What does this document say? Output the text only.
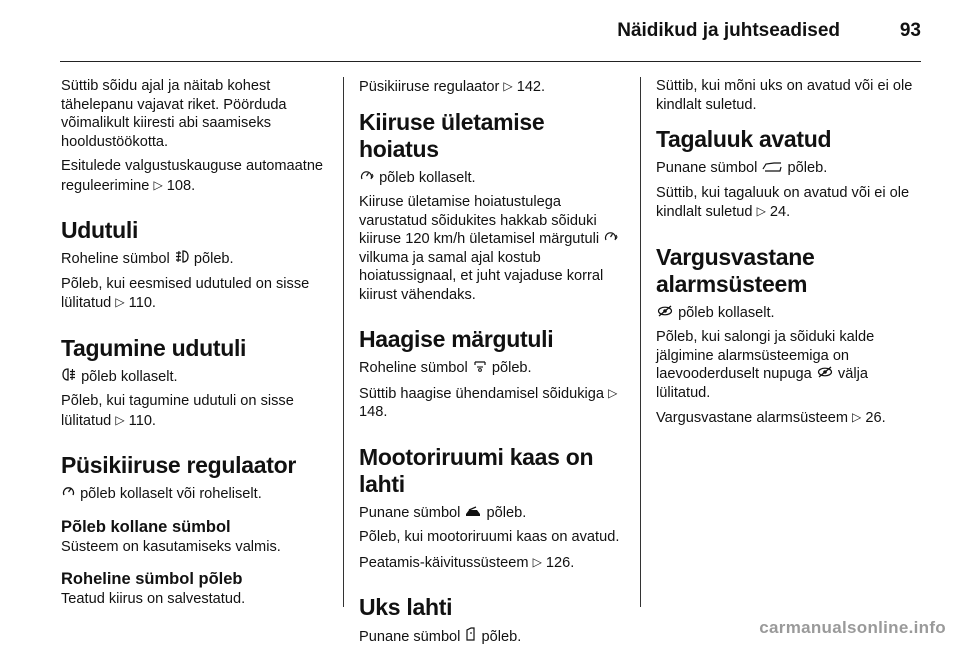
Näidikud ja juhtseadised	93

Süttib sõidu ajal ja näitab kohest tähelepanu vajavat riket. Pöörduda võimalikult kiiresti abi saamiseks hooldustöökotta.

Esitulede valgustuskauguse automaatne reguleerimine ▷ 108.

Udutuli

Roheline sümbol põleb.

Põleb, kui eesmised udutuled on sisse lülitatud ▷ 110.

Tagumine udutuli

põleb kollaselt.

Põleb, kui tagumine udutuli on sisse lülitatud ▷ 110.

Püsikiiruse regulaator

põleb kollaselt või roheliselt.

Põleb kollane sümbol

Süsteem on kasutamiseks valmis.

Roheline sümbol põleb

Teatud kiirus on salvestatud.

Püsikiiruse regulaator ▷ 142.

Kiiruse ületamise hoiatus

põleb kollaselt.

Kiiruse ületamise hoiatustulega varustatud sõidukites hakkab sõiduki kiiruse 120 km/h ületamisel märgutuli  vilkuma ja samal ajal kostub hoiatussignaal, et juht vajaduse korral kiirust vähendaks.

Haagise märgutuli

Roheline sümbol põleb.

Süttib haagise ühendamisel sõidukiga ▷ 148.

Mootoriruumi kaas on lahti

Punane sümbol põleb.

Põleb, kui mootoriruumi kaas on avatud.

Peatamis-käivitussüsteem ▷ 126.

Uks lahti

Punane sümbol põleb.

Süttib, kui mõni uks on avatud või ei ole kindlalt suletud.

Tagaluuk avatud

Punane sümbol põleb.

Süttib, kui tagaluuk on avatud või ei ole kindlalt suletud ▷ 24.

Vargusvastane
alarmsüsteem

põleb kollaselt.

Põleb, kui salongi ja sõiduki kalde jälgimine alarmsüsteemiga on laevooderduselt nupuga välja lülitatud.

Vargusvastane alarmsüsteem ▷ 26.

carmanualsonline.info
